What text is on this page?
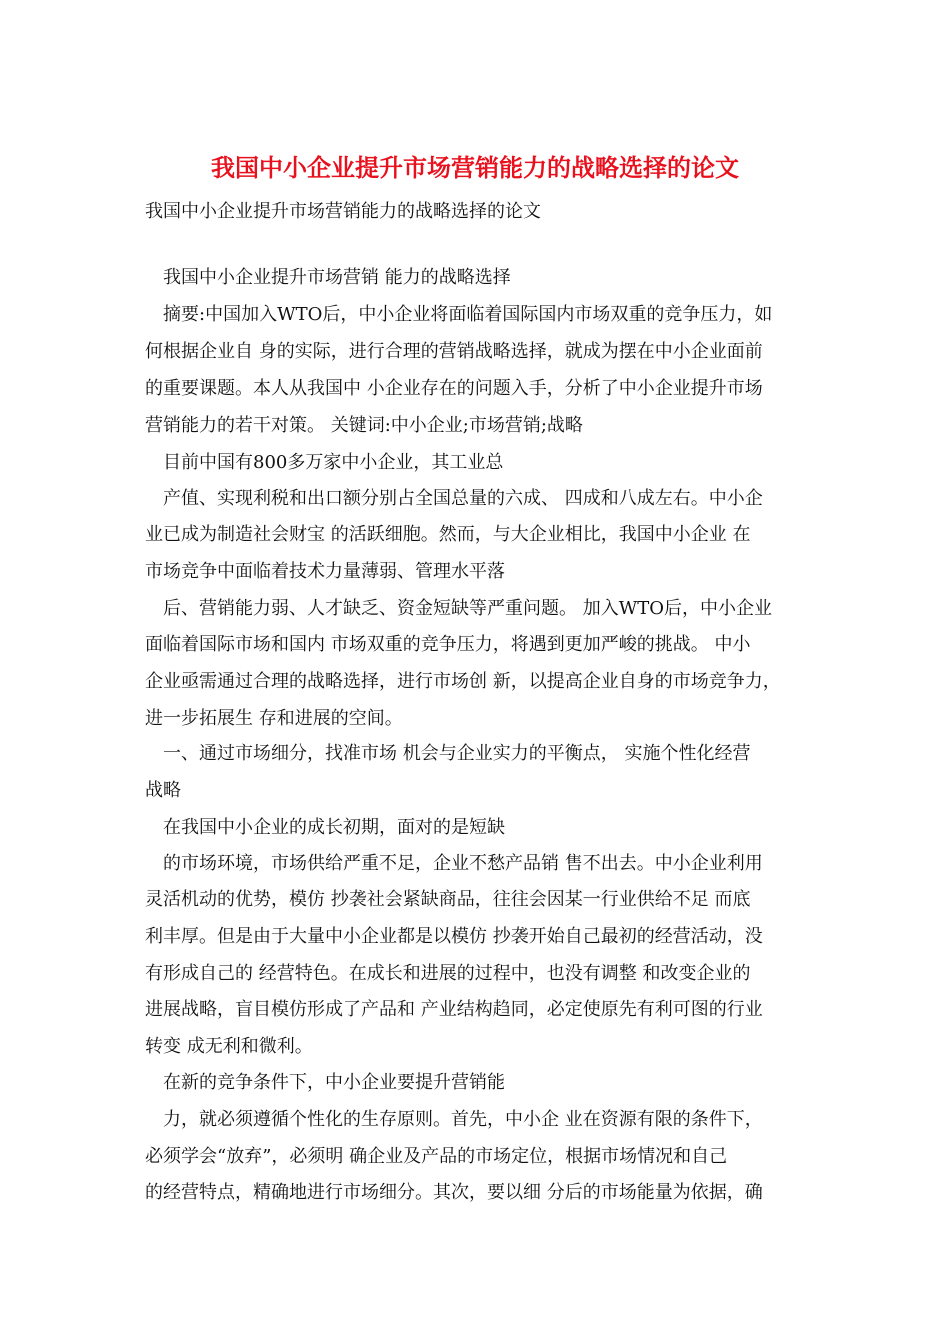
我国中小企业提升市场营销能力的战略选择的论文
我国中小企业提升市场营销能力的战略选择的论文
我国中小企业提升市场营销 能力的战略选择
摘要:中国加入WTO后，中小企业将面临着国际国内市场双重的竞争压力，如
何根据企业自 身的实际，进行合理的营销战略选择，就成为摆在中小企业面前
的重要课题。本人从我国中 小企业存在的问题入手，分析了中小企业提升市场
营销能力的若干对策。 关键词:中小企业;市场营销;战略
目前中国有800多万家中小企业，其工业总
产值、实现利税和出口额分别占全国总量的六成、 四成和八成左右。中小企
业已成为制造社会财宝 的活跃细胞。然而，与大企业相比，我国中小企业 在
市场竞争中面临着技术力量薄弱、管理水平落
后、营销能力弱、人才缺乏、资金短缺等严重问题。 加入WTO后，中小企业
面临着国际市场和国内 市场双重的竞争压力，将遇到更加严峻的挑战。 中小
企业亟需通过合理的战略选择，进行市场创 新，以提高企业自身的市场竞争力，
进一步拓展生 存和进展的空间。
一、通过市场细分，找准市场 机会与企业实力的平衡点， 实施个性化经营
战略
在我国中小企业的成长初期，面对的是短缺
的市场环境，市场供给严重不足，企业不愁产品销 售不出去。中小企业利用
灵活机动的优势，模仿 抄袭社会紧缺商品，往往会因某一行业供给不足 而底
利丰厚。但是由于大量中小企业都是以模仿 抄袭开始自己最初的经营活动，没
有形成自己的 经营特色。在成长和进展的过程中，也没有调整 和改变企业的
进展战略，盲目模仿形成了产品和 产业结构趋同，必定使原先有利可图的行业
转变 成无利和微利。
在新的竞争条件下，中小企业要提升营销能
力，就必须遵循个性化的生存原则。首先，中小企 业在资源有限的条件下，
必须学会“放弃”，必须明 确企业及产品的市场定位，根据市场情况和自己
的经营特点，精确地进行市场细分。其次，要以细 分后的市场能量为依据，确
